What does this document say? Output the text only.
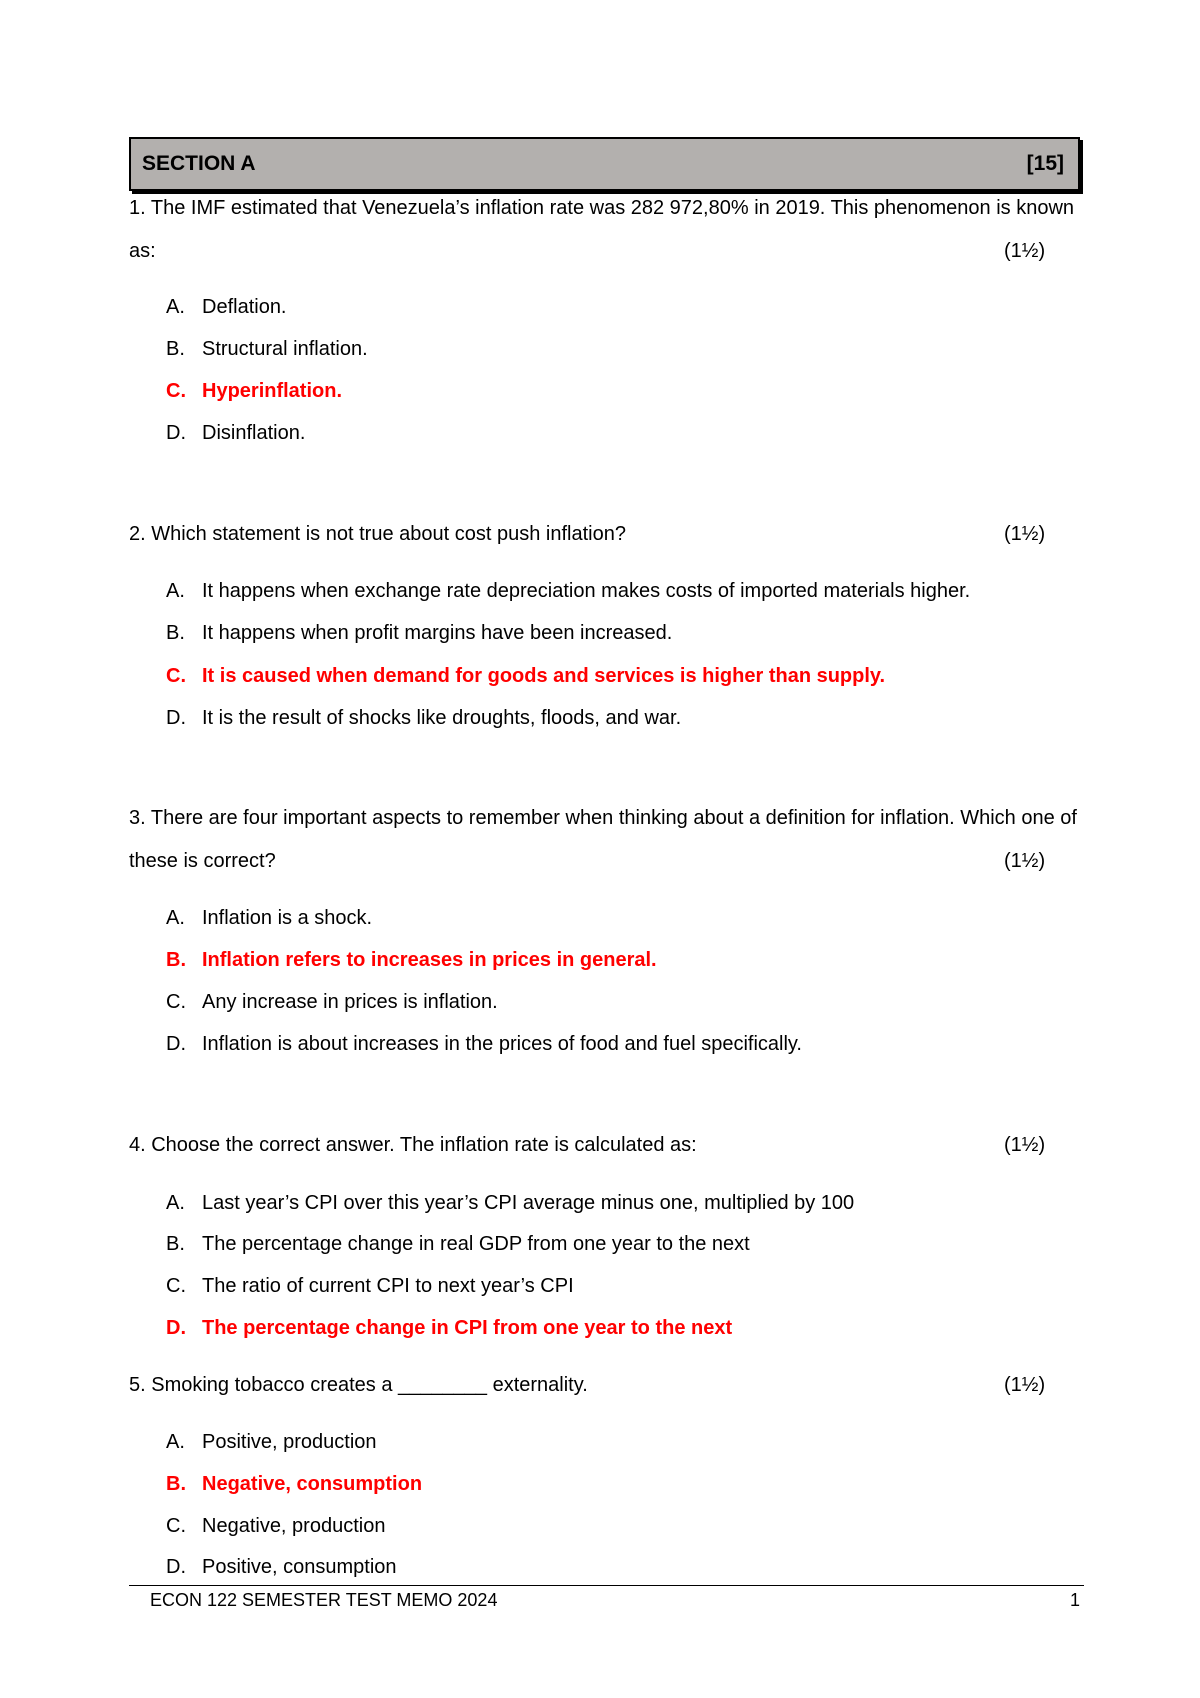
SECTION A	[15]
1. The IMF estimated that Venezuela’s inflation rate was 282 972,80% in 2019. This phenomenon is known
as:	(1½)
A. Deflation.
B. Structural inflation.
C. Hyperinflation.
D. Disinflation.
2. Which statement is not true about cost push inflation?	(1½)
A. It happens when exchange rate depreciation makes costs of imported materials higher.
B. It happens when profit margins have been increased.
C. It is caused when demand for goods and services is higher than supply.
D. It is the result of shocks like droughts, floods, and war.
3. There are four important aspects to remember when thinking about a definition for inflation. Which one of
these is correct?	(1½)
A. Inflation is a shock.
B. Inflation refers to increases in prices in general.
C. Any increase in prices is inflation.
D. Inflation is about increases in the prices of food and fuel specifically.
4. Choose the correct answer. The inflation rate is calculated as:	(1½)
A. Last year’s CPI over this year’s CPI average minus one, multiplied by 100
B. The percentage change in real GDP from one year to the next
C. The ratio of current CPI to next year’s CPI
D. The percentage change in CPI from one year to the next
5. Smoking tobacco creates a ________ externality.	(1½)
A. Positive, production
B. Negative, consumption
C. Negative, production
D. Positive, consumption
ECON 122 SEMESTER TEST MEMO 2024	1
